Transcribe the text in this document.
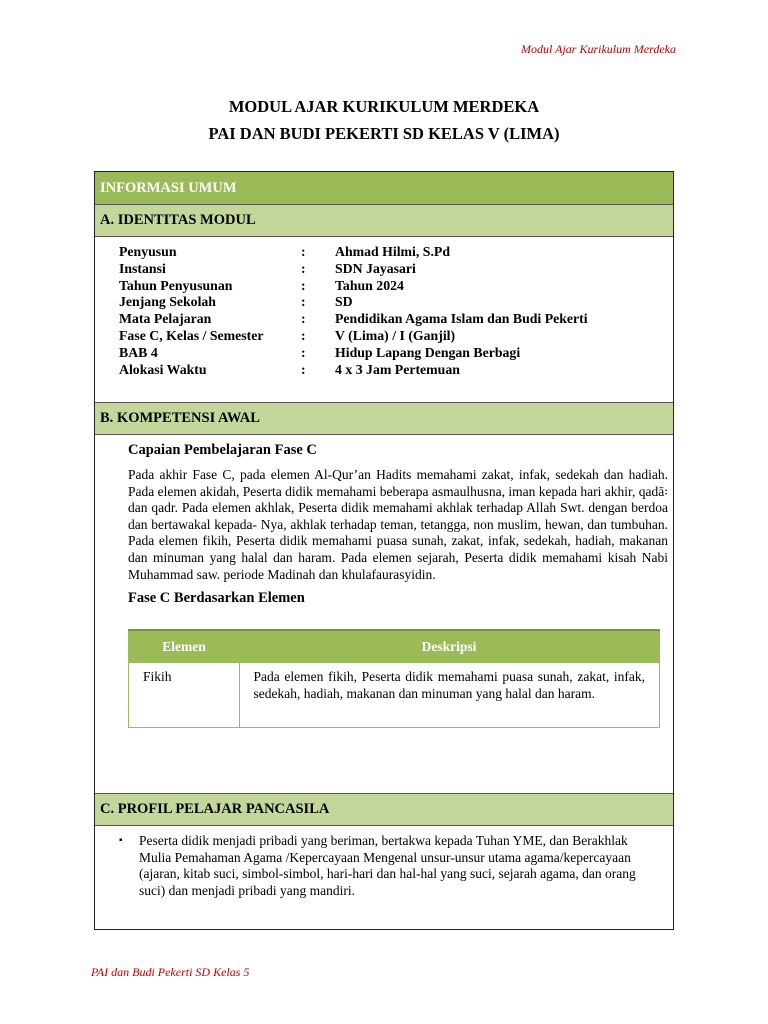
Modul Ajar Kurikulum Merdeka
MODUL AJAR KURIKULUM MERDEKA
PAI DAN BUDI PEKERTI SD KELAS V (LIMA)
INFORMASI UMUM
A. IDENTITAS MODUL
Penyusun	:	Ahmad Hilmi, S.Pd
Instansi	:	SDN Jayasari
Tahun Penyusunan	:	Tahun 2024
Jenjang Sekolah	:	SD
Mata Pelajaran	:	Pendidikan Agama Islam dan Budi Pekerti
Fase C, Kelas / Semester	:	V (Lima) / I (Ganjil)
BAB 4	:	Hidup Lapang Dengan Berbagi
Alokasi Waktu	:	4 x 3 Jam Pertemuan
B. KOMPETENSI AWAL
Capaian Pembelajaran Fase C
Pada akhir Fase C, pada elemen Al-Qur’an Hadits memahami zakat, infak, sedekah dan hadiah. Pada elemen akidah, Peserta didik memahami beberapa asmaulhusna, iman kepada hari akhir, qadā꞉ dan qadr. Pada elemen akhlak, Peserta didik memahami akhlak terhadap Allah Swt. dengan berdoa dan bertawakal kepada- Nya, akhlak terhadap teman, tetangga, non muslim, hewan, dan tumbuhan. Pada elemen fikih, Peserta didik memahami puasa sunah, zakat, infak, sedekah, hadiah, makanan dan minuman yang halal dan haram. Pada elemen sejarah, Peserta didik memahami kisah Nabi Muhammad saw. periode Madinah dan khulafaurasyidin.
Fase C Berdasarkan Elemen
Elemen	Deskripsi
Fikih	Pada elemen fikih, Peserta didik memahami puasa sunah, zakat, infak, sedekah, hadiah, makanan dan minuman yang halal dan haram.
C. PROFIL PELAJAR PANCASILA
▪	Peserta didik menjadi pribadi yang beriman, bertakwa kepada Tuhan YME, dan Berakhlak Mulia Pemahaman Agama /Kepercayaan Mengenal unsur-unsur utama agama/kepercayaan (ajaran, kitab suci, simbol-simbol, hari-hari dan hal-hal yang suci, sejarah agama, dan orang suci) dan menjadi pribadi yang mandiri.
PAI dan Budi Pekerti SD Kelas 5
